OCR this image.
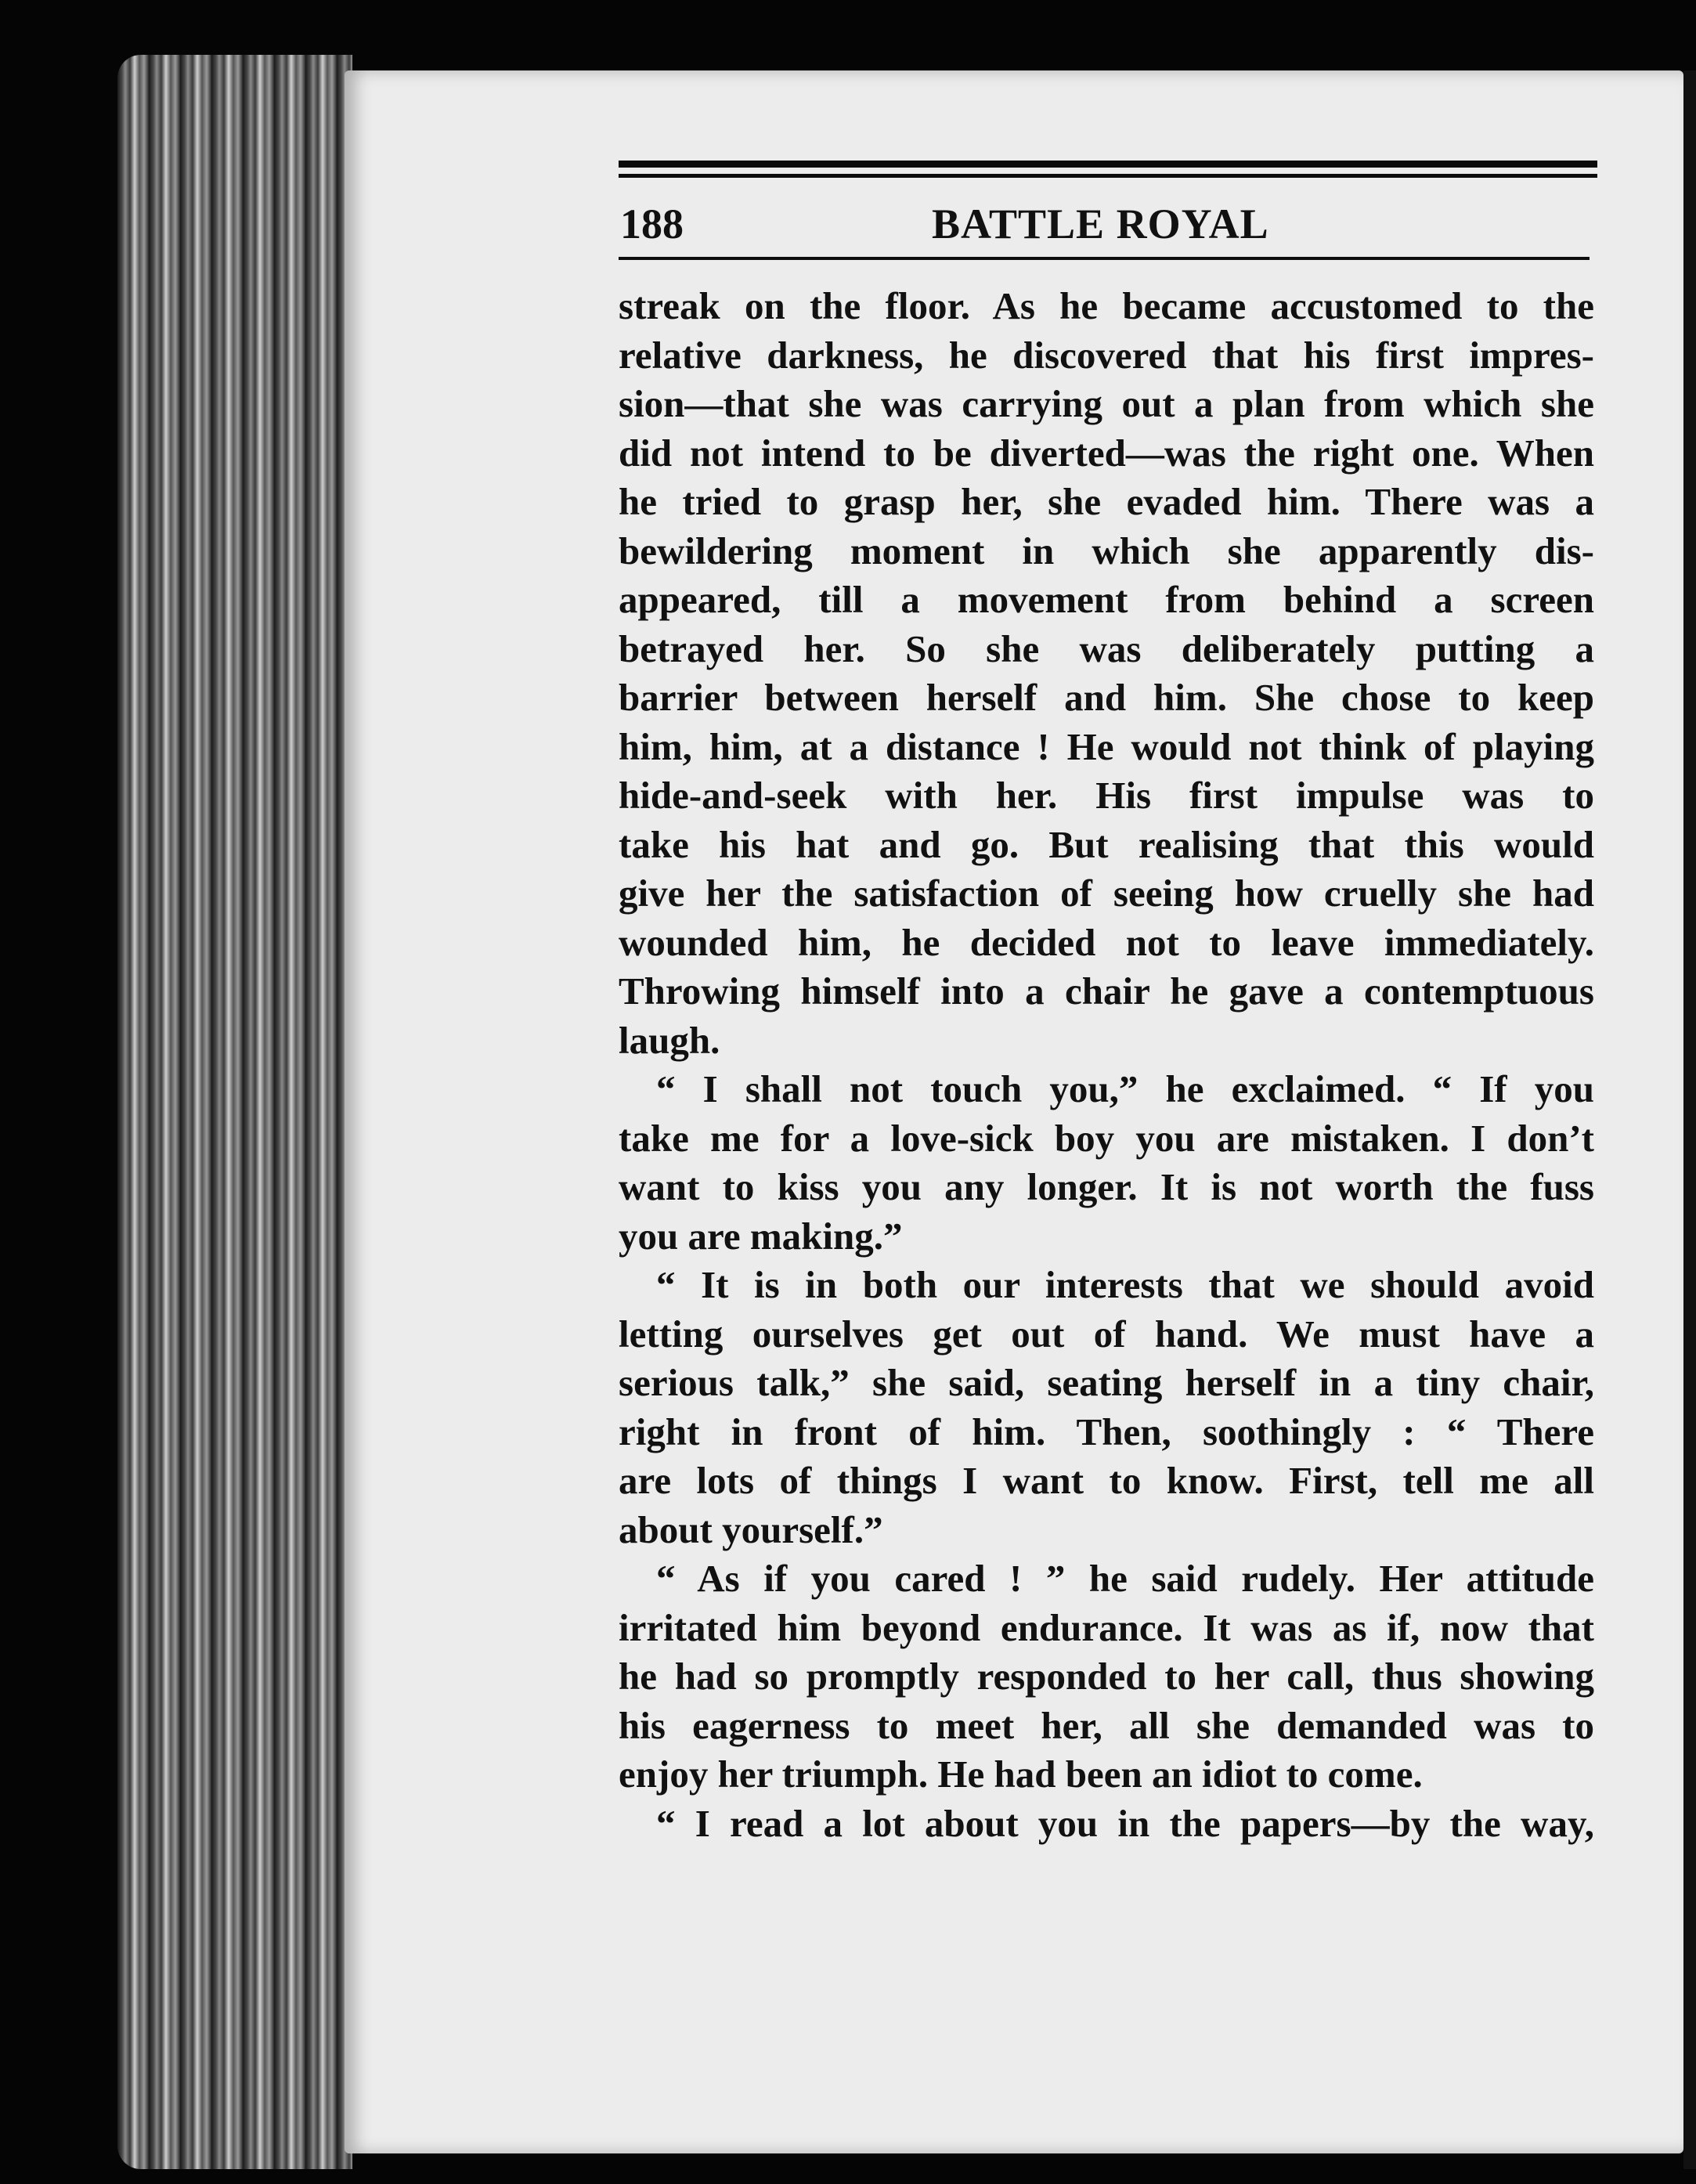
188	BATTLE ROYAL
streak on the floor. As he became accustomed to the
relative darkness, he discovered that his first impres-
sion—that she was carrying out a plan from which she
did not intend to be diverted—was the right one. When
he tried to grasp her, she evaded him. There was a
bewildering moment in which she apparently dis-
appeared, till a movement from behind a screen
betrayed her. So she was deliberately putting a
barrier between herself and him. She chose to keep
him, him, at a distance ! He would not think of playing
hide-and-seek with her. His first impulse was to
take his hat and go. But realising that this would
give her the satisfaction of seeing how cruelly she had
wounded him, he decided not to leave immediately.
Throwing himself into a chair he gave a contemptuous
laugh.
“ I shall not touch you,” he exclaimed. “ If you
take me for a love-sick boy you are mistaken. I don’t
want to kiss you any longer. It is not worth the fuss
you are making.”
“ It is in both our interests that we should avoid
letting ourselves get out of hand. We must have a
serious talk,” she said, seating herself in a tiny chair,
right in front of him. Then, soothingly : “ There
are lots of things I want to know. First, tell me all
about yourself.”
“ As if you cared ! ” he said rudely. Her attitude
irritated him beyond endurance. It was as if, now that
he had so promptly responded to her call, thus showing
his eagerness to meet her, all she demanded was to
enjoy her triumph. He had been an idiot to come.
“ I read a lot about you in the papers—by the way,
